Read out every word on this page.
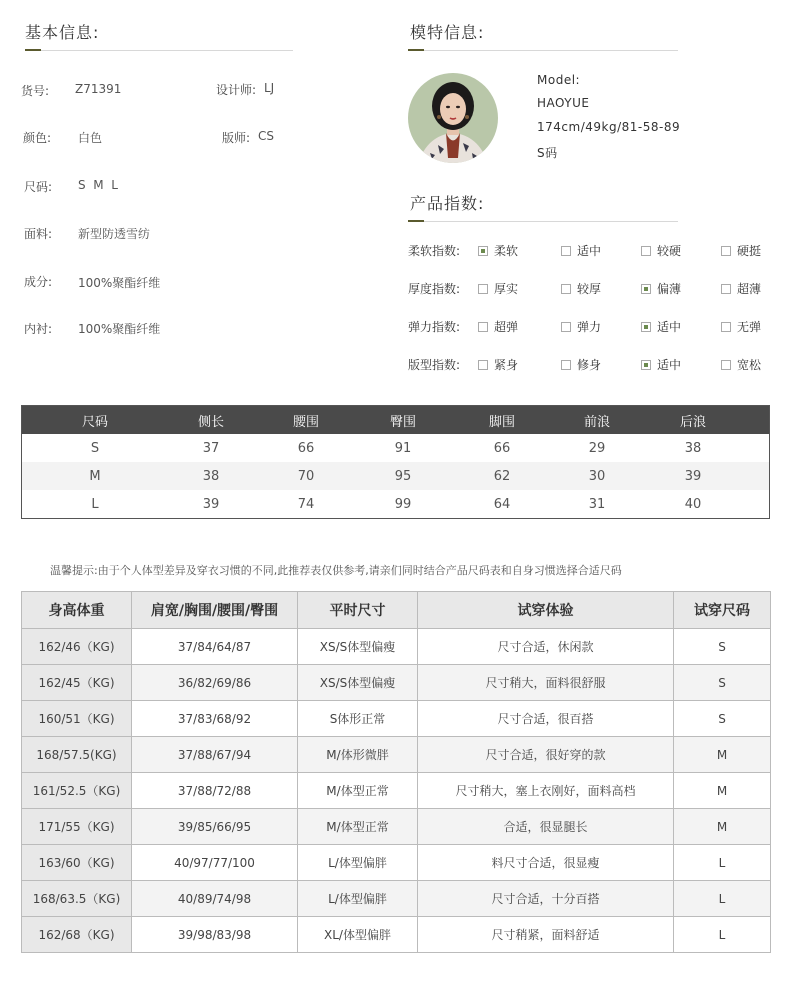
基本信息:
货号: Z71391	设计师: LJ
颜色: 白色	版师: CS
尺码: S  M  L
面料: 新型防透雪纺
成分: 100%聚酯纤维
内衬: 100%聚酯纤维
模特信息:
Model:
HAOYUE
174cm/49kg/81-58-89
S码
产品指数:
柔软指数:	柔软	适中	较硬	硬挺
厚度指数:	厚实	较厚	偏薄	超薄
弹力指数:	超弹	弹力	适中	无弹
版型指数:	紧身	修身	适中	宽松
尺码	侧长	腰围	臀围	脚围	前浪	后浪
S	37	66	91	66	29	38
M	38	70	95	62	30	39
L	39	74	99	64	31	40
温馨提示:由于个人体型差异及穿衣习惯的不同,此推荐表仅供参考,请亲们同时结合产品尺码表和自身习惯选择合适尺码
身高体重	肩宽/胸围/腰围/臀围	平时尺寸	试穿体验	试穿尺码
162/46（KG)	37/84/64/87	XS/S体型偏瘦	尺寸合适，休闲款	S
162/45（KG)	36/82/69/86	XS/S体型偏瘦	尺寸稍大，面料很舒服	S
160/51（KG)	37/83/68/92	S体形正常	尺寸合适，很百搭	S
168/57.5(KG)	37/88/67/94	M/体形微胖	尺寸合适，很好穿的款	M
161/52.5（KG)	37/88/72/88	M/体型正常	尺寸稍大，塞上衣刚好，面料高档	M
171/55（KG)	39/85/66/95	M/体型正常	合适，很显腿长	M
163/60（KG)	40/97/77/100	L/体型偏胖	料尺寸合适，很显瘦	L
168/63.5（KG)	40/89/74/98	L/体型偏胖	尺寸合适，十分百搭	L
162/68（KG)	39/98/83/98	XL/体型偏胖	尺寸稍紧，面料舒适	L
